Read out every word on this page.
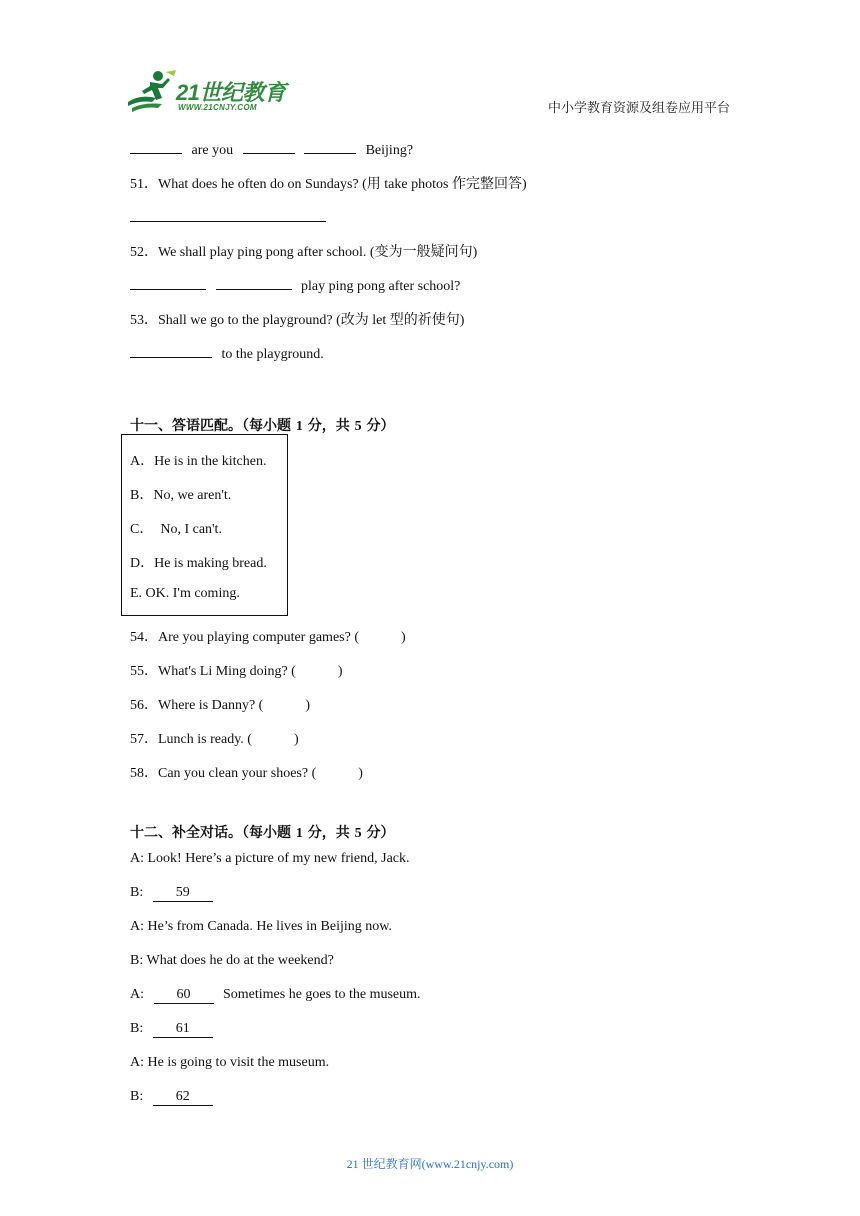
21世纪教育
WWW.21CNJY.COM	中小学教育资源及组卷应用平台
are you	Beijing?
51．What does he often do on Sundays? (用 take photos 作完整回答)
52．We shall play ping pong after school. (变为一般疑问句)
play ping pong after school?
53．Shall we go to the playground? (改为 let 型的祈使句)
to the playground.
十一、答语匹配。（每小题 1 分，共 5 分）
A．He is in the kitchen.
B．No, we aren't.
C．  No, I can't.
D．He is making bread.
E. OK. I'm coming.
54．Are you playing computer games? (            )
55．What's Li Ming doing? (            )
56．Where is Danny? (            )
57．Lunch is ready. (            )
58．Can you clean your shoes? (            )
十二、补全对话。（每小题 1 分，共 5 分）
A: Look! Here’s a picture of my new friend, Jack.
B: 59
A: He’s from Canada. He lives in Beijing now.
B: What does he do at the weekend?
A: 60 Sometimes he goes to the museum.
B: 61
A: He is going to visit the museum.
B: 62
21 世纪教育网(www.21cnjy.com)
